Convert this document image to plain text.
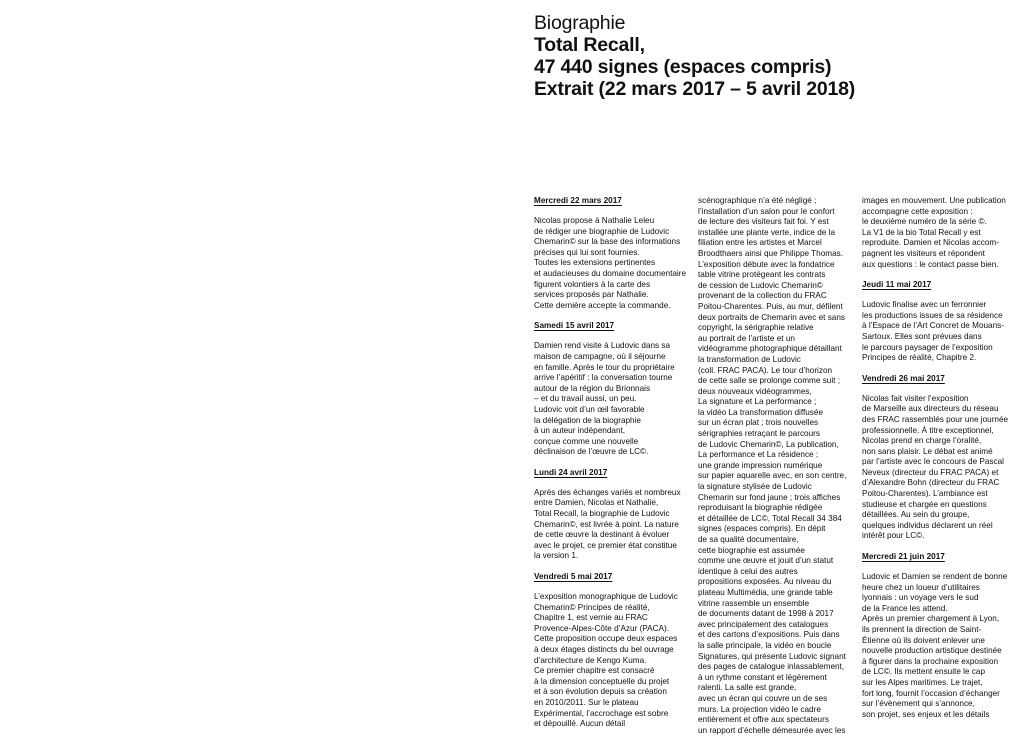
Biographie
Total Recall,
47 440 signes (espaces compris)
Extrait (22 mars 2017 – 5 avril 2018)
Mercredi 22 mars 2017
Nicolas propose à Nathalie Leleu
de rédiger une biographie de Ludovic
Chemarin© sur la base des informations
précises qui lui sont fournies.
Toutes les extensions pertinentes
et audacieuses du domaine documentaire
figurent volontiers à la carte des
services proposés par Nathalie.
Cette dernière accepte la commande.
Samedi 15 avril 2017
Damien rend visite à Ludovic dans sa
maison de campagne, où il séjourne
en famille. Après le tour du propriétaire
arrive l’apéritif : la conversation tourne
autour de la région du Brionnais
– et du travail aussi, un peu.
Ludovic voit d’un œil favorable
la délégation de la biographie
à un auteur indépendant,
conçue comme une nouvelle
déclinaison de l’œuvre de LC©.
Lundi 24 avril 2017
Après des échanges variés et nombreux
entre Damien, Nicolas et Nathalie,
Total Recall, la biographie de Ludovic
Chemarin©, est livrée à point. La nature
de cette œuvre la destinant à évoluer
avec le projet, ce premier état constitue
la version 1.
Vendredi 5 mai 2017
L’exposition monographique de Ludovic
Chemarin© Principes de réalité,
Chapitre 1, est vernie au FRAC
Provence-Alpes-Côte d’Azur (PACA).
Cette proposition occupe deux espaces
à deux étages distincts du bel ouvrage
d’architecture de Kengo Kuma.
Ce premier chapitre est consacré
à la dimension conceptuelle du projet
et à son évolution depuis sa création
en 2010/2011. Sur le plateau
Expérimental, l’accrochage est sobre
et dépouillé. Aucun détail
scénographique n’a été négligé ;
l’installation d’un salon pour le confort
de lecture des visiteurs fait foi. Y est
installée une plante verte, indice de la
filiation entre les artistes et Marcel
Broodthaers ainsi que Philippe Thomas.
L’exposition débute avec la fondatrice
table vitrine protégeant les contrats
de cession de Ludovic Chemarin©
provenant de la collection du FRAC
Poitou-Charentes. Puis, au mur, défilent
deux portraits de Chemarin avec et sans
copyright, la sérigraphie relative
au portrait de l’artiste et un
vidéogramme photographique détaillant
la transformation de Ludovic
(coll. FRAC PACA). Le tour d’horizon
de cette salle se prolonge comme suit ;
deux nouveaux vidéogrammes,
La signature et La performance ;
la vidéo La transformation diffusée
sur un écran plat ; trois nouvelles
sérigraphies retraçant le parcours
de Ludovic Chemarin©, La publication,
La performance et La résidence ;
une grande impression numérique
sur papier aquarelle avec, en son centre,
la signature stylisée de Ludovic
Chemarin sur fond jaune ; trois affiches
reproduisant la biographie rédigée
et détaillée de LC©, Total Recall 34 384
signes (espaces compris). En dépit
de sa qualité documentaire,
cette biographie est assumée
comme une œuvre et jouit d’un statut
identique à celui des autres
propositions exposées. Au niveau du
plateau Multimédia, une grande table
vitrine rassemble un ensemble
de documents datant de 1998 à 2017
avec principalement des catalogues
et des cartons d’expositions. Puis dans
la salle principale, la vidéo en boucle
Signatures, qui présente Ludovic signant
des pages de catalogue inlassablement,
à un rythme constant et légèrement
ralenti. La salle est grande,
avec un écran qui couvre un de ses
murs. La projection vidéo le cadre
entièrement et offre aux spectateurs
un rapport d’échelle démesurée avec les
images en mouvement. Une publication
accompagne cette exposition :
le deuxième numéro de la série ©.
La V1 de la bio Total Recall y est
reproduite. Damien et Nicolas accom-
pagnent les visiteurs et répondent
aux questions : le contact passe bien.
Jeudi 11 mai 2017
Ludovic finalise avec un ferronnier
les productions issues de sa résidence
à l’Espace de l’Art Concret de Mouans-
Sartoux. Elles sont prévues dans
le parcours paysager de l’exposition
Principes de réalité, Chapitre 2.
Vendredi 26 mai 2017
Nicolas fait visiter l’exposition
de Marseille aux directeurs du réseau
des FRAC rassemblés pour une journée
professionnelle. À titre exceptionnel,
Nicolas prend en charge l’oralité,
non sans plaisir. Le débat est animé
par l’artiste avec le concours de Pascal
Neveux (directeur du FRAC PACA) et
d’Alexandre Bohn (directeur du FRAC
Poitou-Charentes). L’ambiance est
studieuse et chargée en questions
détaillées. Au sein du groupe,
quelques individus déclarent un réel
intérêt pour LC©.
Mercredi 21 juin 2017
Ludovic et Damien se rendent de bonne
heure chez un loueur d’utilitaires
lyonnais : un voyage vers le sud
de la France les attend.
Après un premier chargement à Lyon,
ils prennent la direction de Saint-
Étienne où ils doivent enlever une
nouvelle production artistique destinée
à figurer dans la prochaine exposition
de LC©. Ils mettent ensuite le cap
sur les Alpes maritimes. Le trajet,
fort long, fournit l’occasion d’échanger
sur l’évènement qui s’annonce,
son projet, ses enjeux et les détails
